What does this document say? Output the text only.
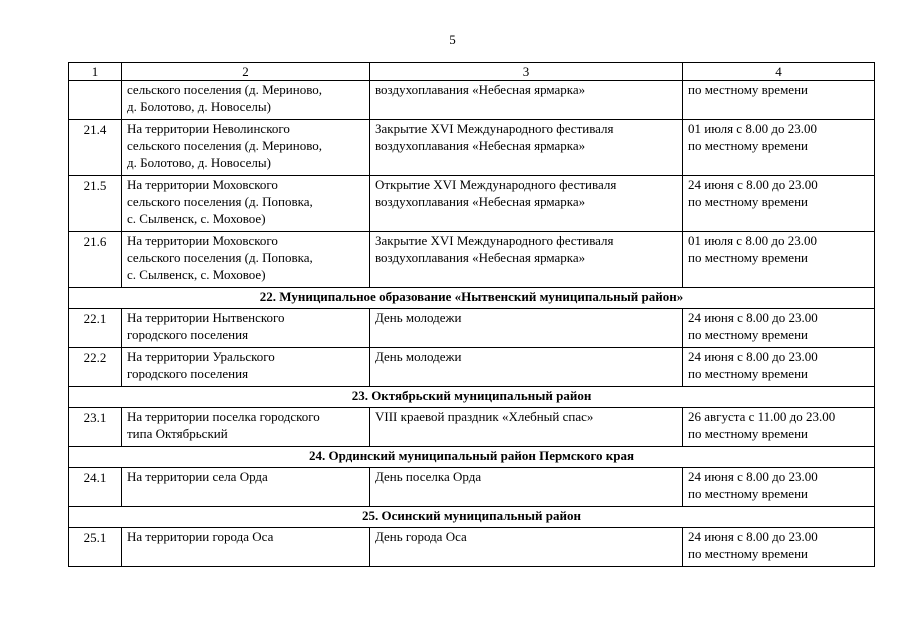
5
1	2	3	4

	сельского поселения (д. Мериново,
д. Болотово, д. Новоселы)	воздухоплавания «Небесная ярмарка»	по местному времени

21.4	На территории Неволинского
сельского поселения (д. Мериново,
д. Болотово, д. Новоселы)	Закрытие XVI Международного фестиваля
воздухоплавания «Небесная ярмарка»	01 июля с 8.00 до 23.00
по местному времени

21.5	На территории Моховского
сельского поселения (д. Поповка,
с. Сылвенск, с. Моховое)	Открытие XVI Международного фестиваля
воздухоплавания «Небесная ярмарка»	24 июня с 8.00 до 23.00
по местному времени

21.6	На территории Моховского
сельского поселения (д. Поповка,
с. Сылвенск, с. Моховое)	Закрытие XVI Международного фестиваля
воздухоплавания «Небесная ярмарка»	01 июля с 8.00 до 23.00
по местному времени

22. Муниципальное образование «Нытвенский муниципальный район»			
22.1	На территории Нытвенского
городского поселения	День молодежи	24 июня с 8.00 до 23.00
по местному времени

22.2	На территории Уральского
городского поселения	День молодежи	24 июня с 8.00 до 23.00
по местному времени

23. Октябрьский муниципальный район			
23.1	На территории поселка городского
типа Октябрьский	VIII краевой праздник «Хлебный спас»	26 августа с 11.00 до 23.00
по местному времени

24. Ординский муниципальный район Пермского края			
24.1	На территории села Орда	День поселка Орда	24 июня с 8.00 до 23.00
по местному времени

25. Осинский муниципальный район			
25.1	На территории города Оса	День города Оса	24 июня с 8.00 до 23.00
по местному времени
